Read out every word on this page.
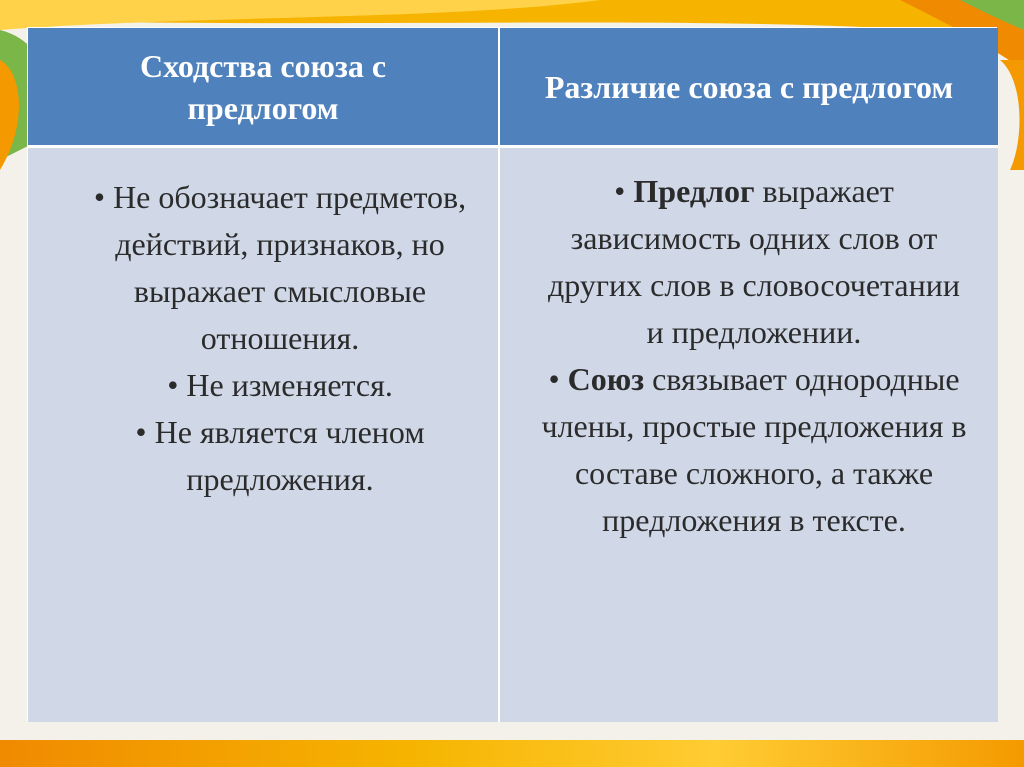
Сходства союза с предлогом
Различие союза с предлогом
• Не обозначает предметов, действий, признаков, но выражает смысловые отношения.
• Не изменяется.
• Не является членом предложения.
• Предлог выражает зависимость одних слов от других слов в словосочетании и предложении.
• Союз связывает однородные члены, простые предложения в составе сложного, а также предложения в тексте.
